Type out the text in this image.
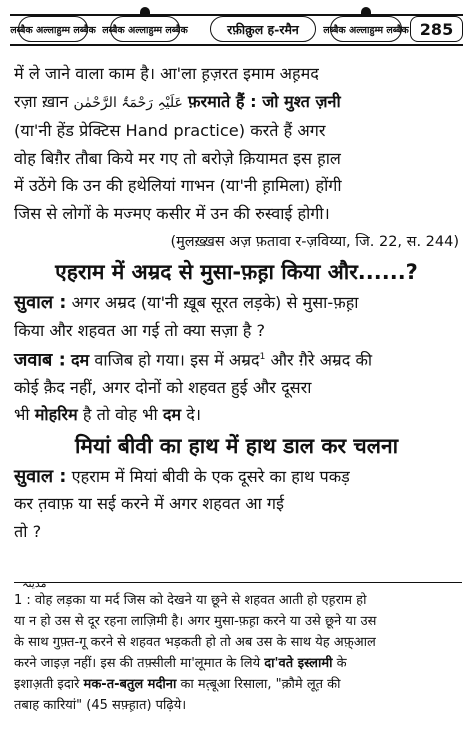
लब्बैक अल्लाहुम्म लब्बैक लब्बैक अल्लाहुम्म लब्बैक	रफ़ीक़ुल ह-रमैन	लब्बैक अल्लाहुम्म लब्बैक 285
में ले जाने वाला काम है। आ'ला ह़ज़रत इमाम अह़मद
रज़ा ख़ान عَلَیْہِ رَحْمَۃُ الرَّحْمٰن फ़रमाते हैं : जो मुश्त ज़नी
(या'नी हेंड प्रेक्टिस Hand practice) करते हैं अगर
वोह बिग़ैर तौबा किये मर गए तो बरोज़े क़ियामत इस ह़ाल
में उठेंगे कि उन की हथेलियां गाभन (या'नी ह़ामिला) होंगी
जिस से लोगों के मज्मए कसीर में उन की रुस्वाई होगी।
(मुलख़्ख़स अज़ फ़तावा र-ज़विय्या, जि. 22, स. 244)
एहराम में अम्रद से मुसा-फ़ह़ा किया और......?
सुवाल : अगर अम्रद (या'नी ख़ूब सूरत लड़के) से मुसा-फ़ह़ा
किया और शहवत आ गई तो क्या सज़ा है ?
जवाब : दम वाजिब हो गया। इस में अम्रद$^1$ और ग़ैरे अम्रद की
कोई क़ैद नहीं, अगर दोनों को शहवत हुई और दूसरा
भी मोहरिम है तो वोह भी दम दे।
मियां बीवी का हाथ में हाथ डाल कर चलना
सुवाल : एहराम में मियां बीवी के एक दूसरे का हाथ पकड़
कर त़वाफ़ या सई करने में अगर शहवत आ गई
तो ?
مدینہ
1 : वोह लड़का या मर्द जिस को देखने या छूने से शहवत आती हो एह़राम हो
या न हो उस से दूर रहना लाज़िमी है। अगर मुसा-फ़ह़ा करने या उसे छूने या उस
के साथ गुफ़्त-गू करने से शहवत भड़कती हो तो अब उस के साथ येह अफ़्आल
करने जाइज़ नहीं। इस की तफ़्सीली मा'लूमात के लिये दा'वते इस्लामी के
इशाअ़ती इदारे मक-त-बतुल मदीना का मत़्बूआ रिसाला, "क़ौमे लूत़ की
तबाह कारियां" (45 सफ़्ह़ात) पढ़िये।
